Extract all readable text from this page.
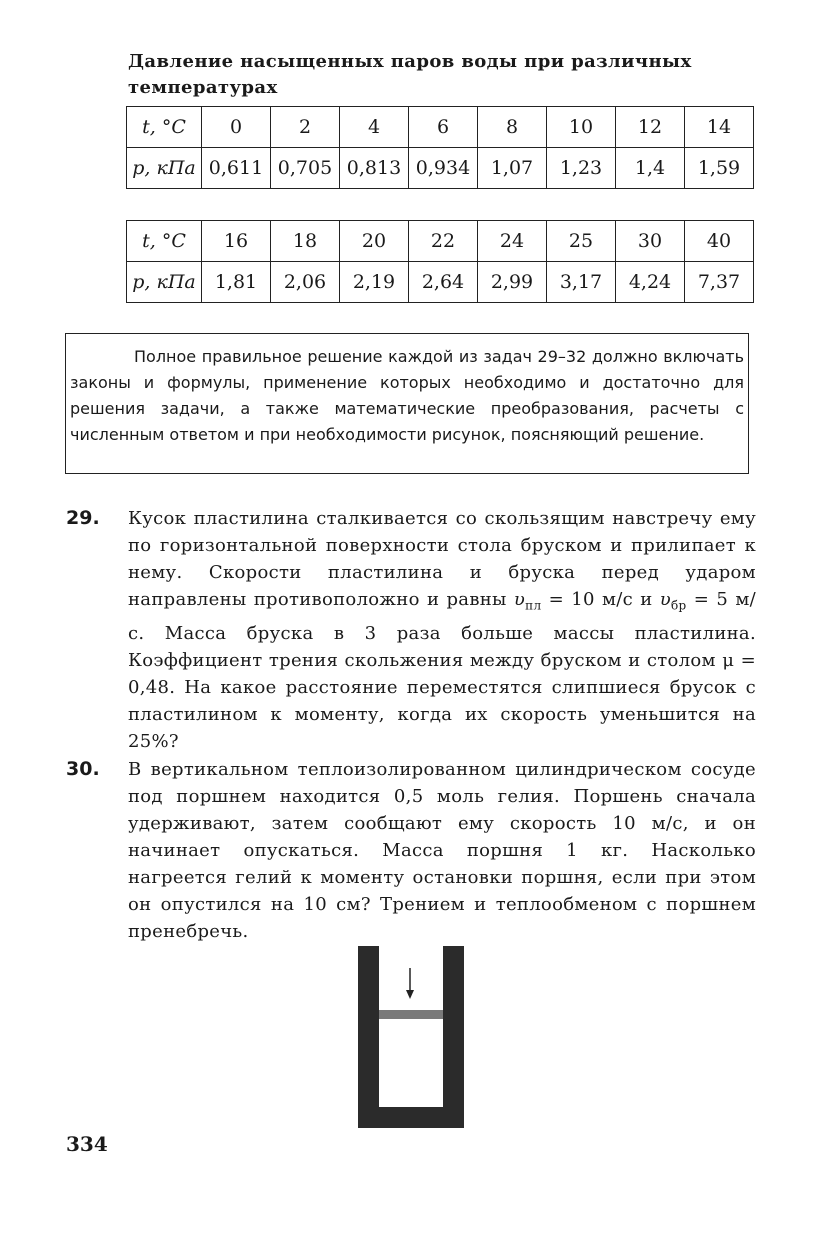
Давление насыщенных паров воды при различных температурах
t, °C	0	2	4	6	8	10	12	14
p, кПа	0,611	0,705	0,813	0,934	1,07	1,23	1,4	1,59
t, °C	16	18	20	22	24	25	30	40
p, кПа	1,81	2,06	2,19	2,64	2,99	3,17	4,24	7,37
Полное правильное решение каждой из задач 29–32 должно включать законы и формулы, применение которых необходимо и достаточно для решения задачи, а также математические преобразования, расчеты с численным ответом и при необходимости рисунок, поясняющий решение.
29. Кусок пластилина сталкивается со скользящим навстречу ему по горизонтальной поверхности стола бруском и прилипает к нему. Скорости пластилина и бруска перед ударом направлены противоположно и равны $\upsilon_{пл} = 10$ м/с и $\upsilon_{бр} = 5$ м/с. Масса бруска в 3 раза больше массы пластилина. Коэффициент трения скольжения между бруском и столом μ = 0,48. На какое расстояние переместятся слипшиеся брусок с пластилином к моменту, когда их скорость уменьшится на 25%?
30. В вертикальном теплоизолированном цилиндрическом сосуде под поршнем находится 0,5 моль гелия. Поршень сначала удерживают, затем сообщают ему скорость 10 м/с, и он начинает опускаться. Масса поршня 1 кг. Насколько нагреется гелий к моменту остановки поршня, если при этом он опустился на 10 см? Трением и теплообменом с поршнем пренебречь.
334
